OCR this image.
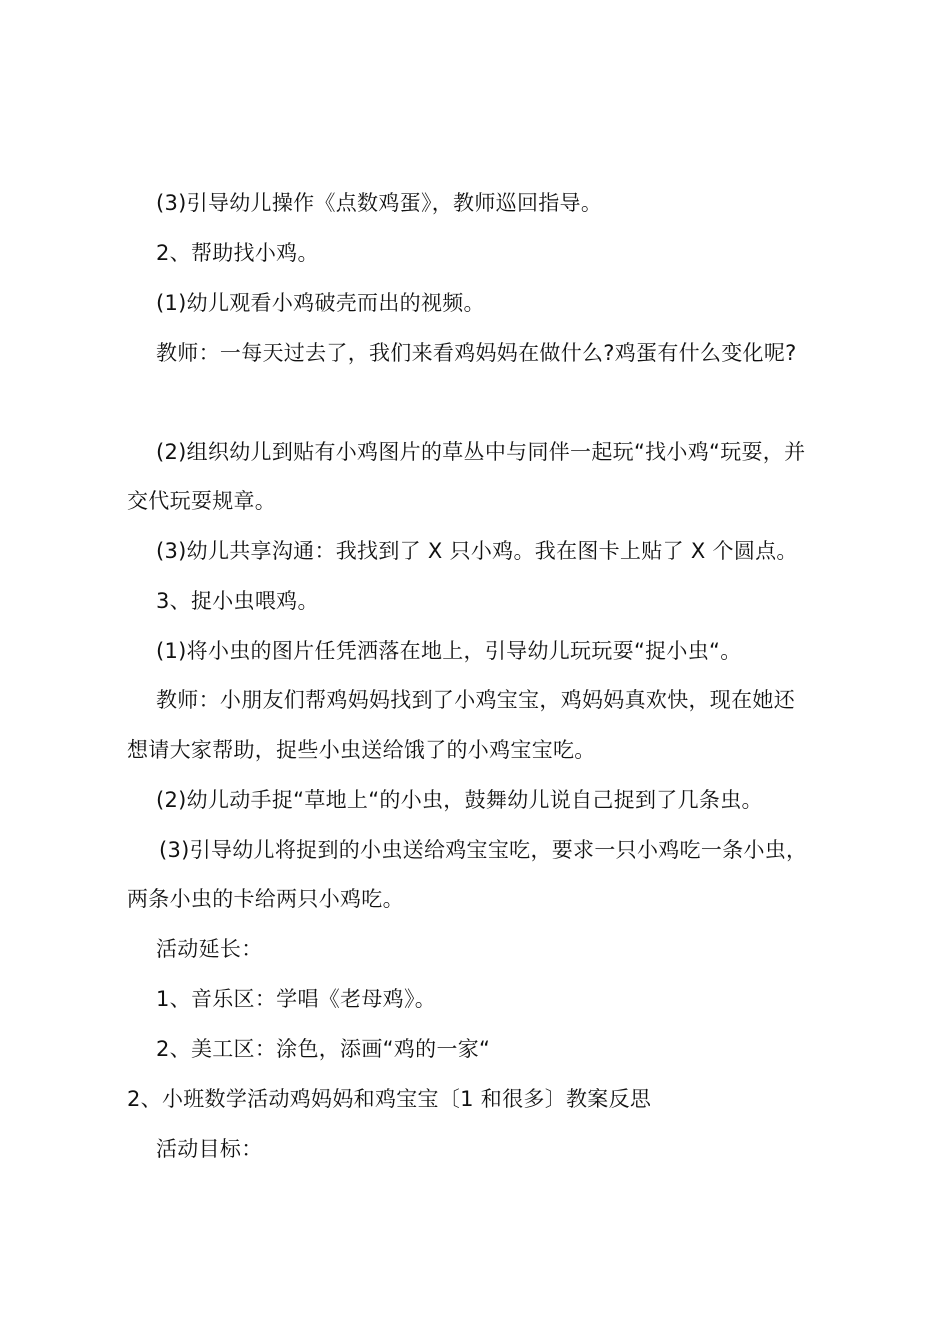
(3)引导幼儿操作《点数鸡蛋》，教师巡回指导。
2、帮助找小鸡。
(1)幼儿观看小鸡破壳而出的视频。
教师：一每天过去了，我们来看鸡妈妈在做什么?鸡蛋有什么变化呢?
(2)组织幼儿到贴有小鸡图片的草丛中与同伴一起玩“找小鸡“玩耍，并
交代玩耍规章。
(3)幼儿共享沟通：我找到了 X 只小鸡。我在图卡上贴了 X 个圆点。
3、捉小虫喂鸡。
(1)将小虫的图片任凭洒落在地上，引导幼儿玩玩耍“捉小虫“。
教师：小朋友们帮鸡妈妈找到了小鸡宝宝，鸡妈妈真欢快，现在她还
想请大家帮助，捉些小虫送给饿了的小鸡宝宝吃。
(2)幼儿动手捉“草地上“的小虫，鼓舞幼儿说自己捉到了几条虫。
(3)引导幼儿将捉到的小虫送给鸡宝宝吃，要求一只小鸡吃一条小虫，
两条小虫的卡给两只小鸡吃。
活动延长：
1、音乐区：学唱《老母鸡》。
2、美工区：涂色，添画“鸡的一家“
2、小班数学活动鸡妈妈和鸡宝宝〔1 和很多〕教案反思
活动目标：
